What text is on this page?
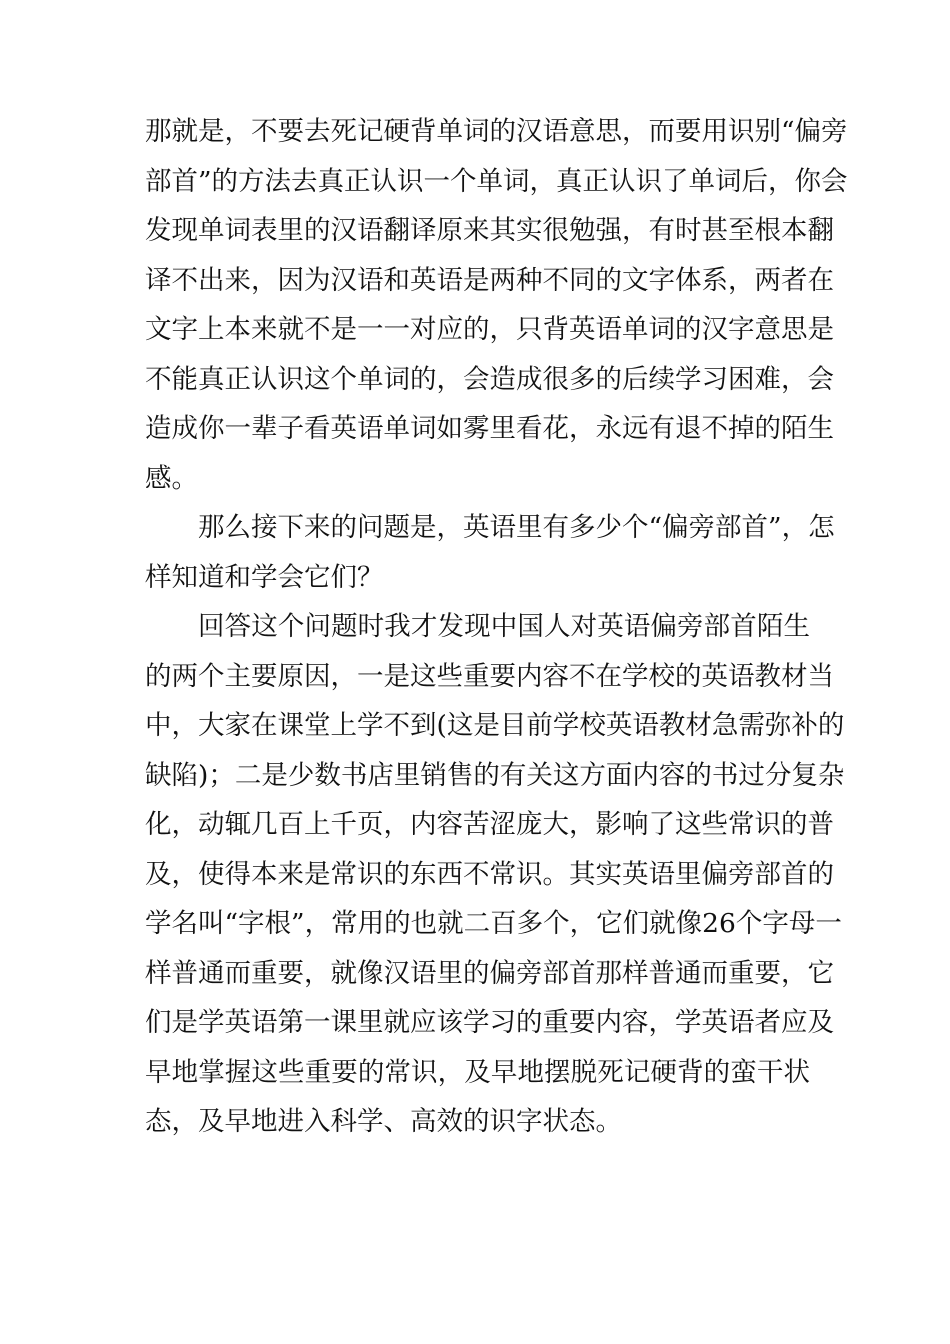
那就是，不要去死记硬背单词的汉语意思，而要用识别“偏旁
部首”的方法去真正认识一个单词，真正认识了单词后，你会
发现单词表里的汉语翻译原来其实很勉强，有时甚至根本翻
译不出来，因为汉语和英语是两种不同的文字体系，两者在
文字上本来就不是一一对应的，只背英语单词的汉字意思是
不能真正认识这个单词的，会造成很多的后续学习困难，会
造成你一辈子看英语单词如雾里看花，永远有退不掉的陌生
感。
那么接下来的问题是，英语里有多少个“偏旁部首”，怎
样知道和学会它们？
回答这个问题时我才发现中国人对英语偏旁部首陌生
的两个主要原因，一是这些重要内容不在学校的英语教材当
中，大家在课堂上学不到(这是目前学校英语教材急需弥补的
缺陷)；二是少数书店里销售的有关这方面内容的书过分复杂
化，动辄几百上千页，内容苦涩庞大，影响了这些常识的普
及，使得本来是常识的东西不常识。其实英语里偏旁部首的
学名叫“字根”，常用的也就二百多个，它们就像26个字母一
样普通而重要，就像汉语里的偏旁部首那样普通而重要，它
们是学英语第一课里就应该学习的重要内容，学英语者应及
早地掌握这些重要的常识，及早地摆脱死记硬背的蛮干状
态，及早地进入科学、高效的识字状态。
